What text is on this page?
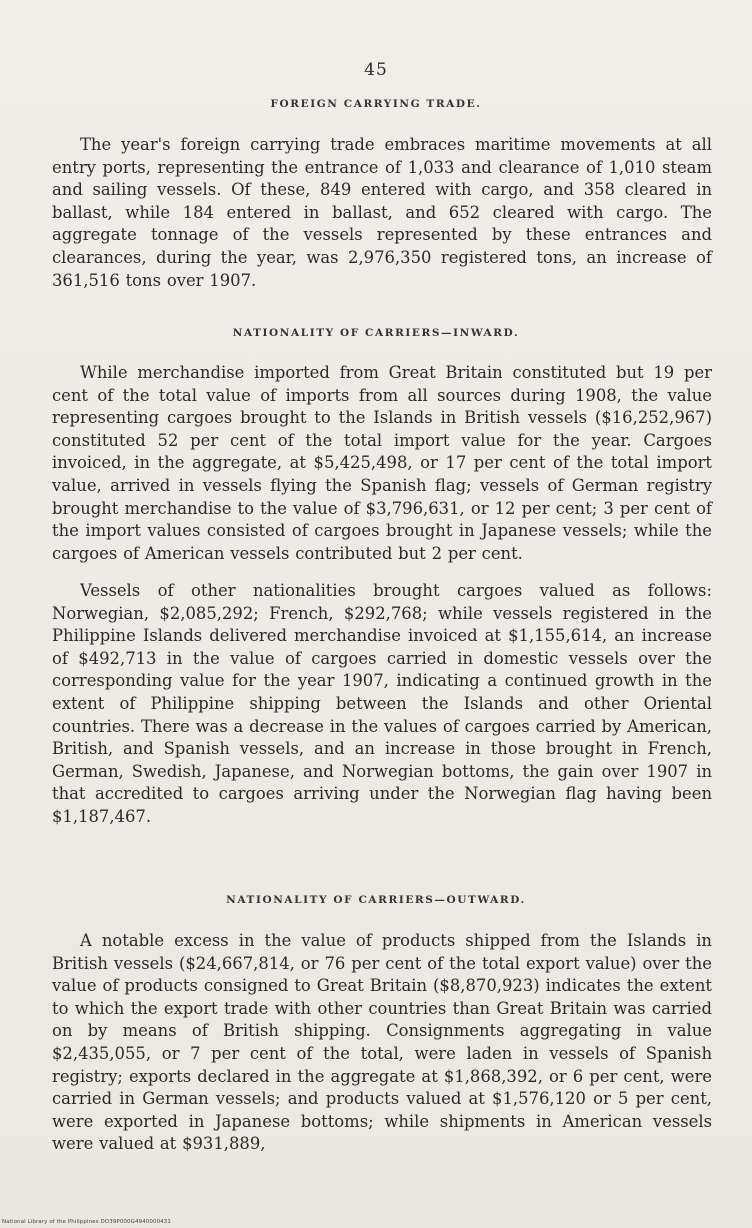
45
FOREIGN CARRYING TRADE.
The year's foreign carrying trade embraces maritime movements at all entry ports, representing the entrance of 1,033 and clearance of 1,010 steam and sailing vessels. Of these, 849 entered with cargo, and 358 cleared in ballast, while 184 entered in ballast, and 652 cleared with cargo. The aggregate tonnage of the vessels represented by these entrances and clearances, during the year, was 2,976,350 registered tons, an increase of 361,516 tons over 1907.
NATIONALITY OF CARRIERS—INWARD.
While merchandise imported from Great Britain constituted but 19 per cent of the total value of imports from all sources during 1908, the value representing cargoes brought to the Islands in British vessels ($16,252,967) constituted 52 per cent of the total import value for the year. Cargoes invoiced, in the aggregate, at $5,425,498, or 17 per cent of the total import value, arrived in vessels flying the Spanish flag; vessels of German registry brought merchandise to the value of $3,796,631, or 12 per cent; 3 per cent of the import values consisted of cargoes brought in Japanese vessels; while the cargoes of American vessels contributed but 2 per cent.
Vessels of other nationalities brought cargoes valued as follows: Norwegian, $2,085,292; French, $292,768; while vessels registered in the Philippine Islands delivered merchandise invoiced at $1,155,614, an increase of $492,713 in the value of cargoes carried in domestic vessels over the corresponding value for the year 1907, indicating a continued growth in the extent of Philippine shipping between the Islands and other Oriental countries. There was a decrease in the values of cargoes carried by American, British, and Spanish vessels, and an increase in those brought in French, German, Swedish, Japanese, and Norwegian bottoms, the gain over 1907 in that accredited to cargoes arriving under the Norwegian flag having been $1,187,467.
NATIONALITY OF CARRIERS—OUTWARD.
A notable excess in the value of products shipped from the Islands in British vessels ($24,667,814, or 76 per cent of the total export value) over the value of products consigned to Great Britain ($8,870,923) indicates the extent to which the export trade with other countries than Great Britain was carried on by means of British shipping. Consignments aggregating in value $2,435,055, or 7 per cent of the total, were laden in vessels of Spanish registry; exports declared in the aggregate at $1,868,392, or 6 per cent, were carried in German vessels; and products valued at $1,576,120 or 5 per cent, were exported in Japanese bottoms; while shipments in American vessels were valued at $931,889,
National Library of the Philippines DO39P000G4940000431
